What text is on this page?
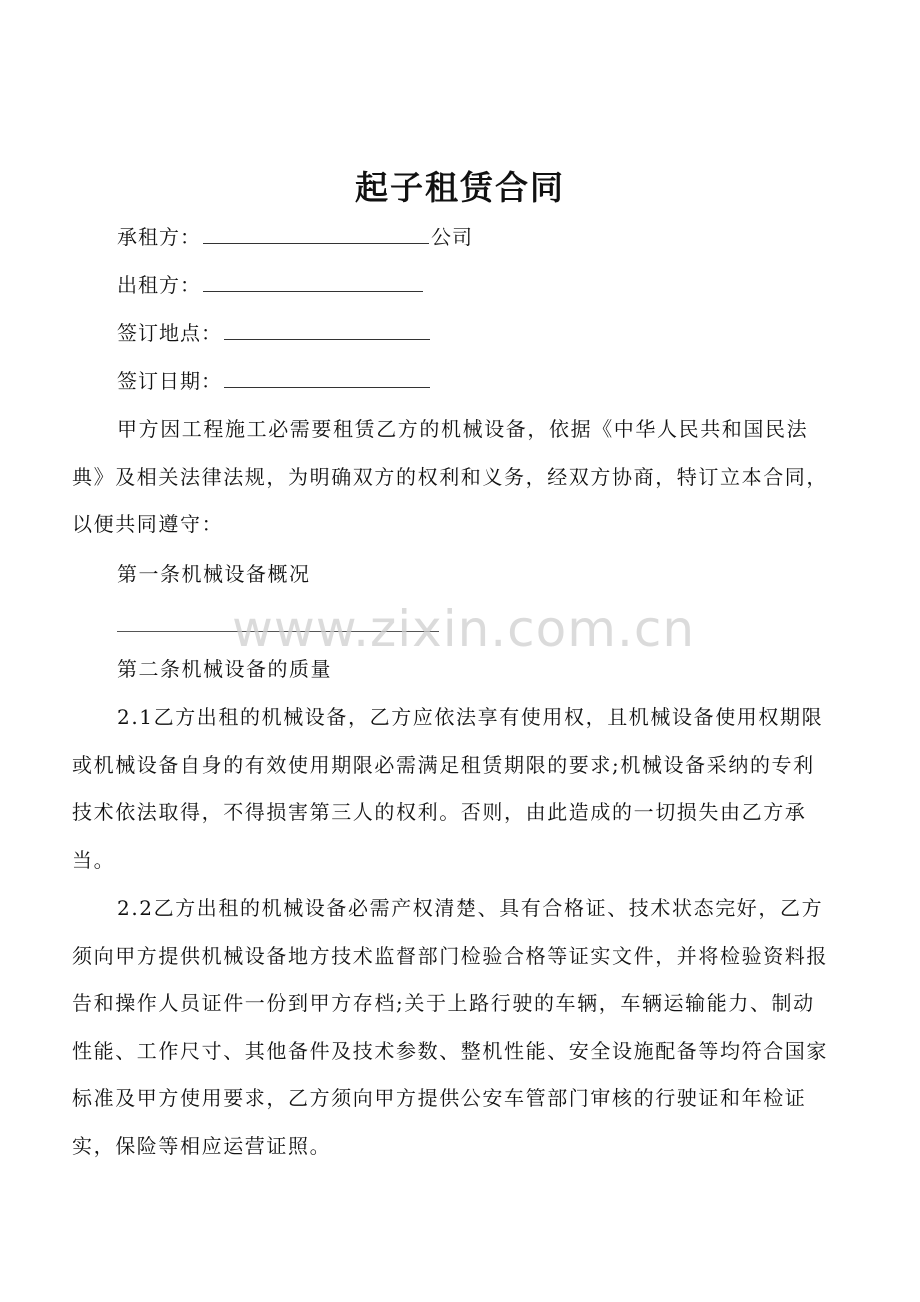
起子租赁合同
承租方：	公司
出租方：
签订地点：
签订日期：
甲方因工程施工必需要租赁乙方的机械设备，依据《中华人民共和国民法典》及相关法律法规，为明确双方的权利和义务，经双方协商，特订立本合同，以便共同遵守：
第一条机械设备概况
第二条机械设备的质量
2.1乙方出租的机械设备，乙方应依法享有使用权，且机械设备使用权期限或机械设备自身的有效使用期限必需满足租赁期限的要求;机械设备采纳的专利技术依法取得，不得损害第三人的权利。否则，由此造成的一切损失由乙方承当。
2.2乙方出租的机械设备必需产权清楚、具有合格证、技术状态完好，乙方须向甲方提供机械设备地方技术监督部门检验合格等证实文件，并将检验资料报告和操作人员证件一份到甲方存档;关于上路行驶的车辆，车辆运输能力、制动性能、工作尺寸、其他备件及技术参数、整机性能、安全设施配备等均符合国家标准及甲方使用要求，乙方须向甲方提供公安车管部门审核的行驶证和年检证实，保险等相应运营证照。
www.zixin.com.cn
